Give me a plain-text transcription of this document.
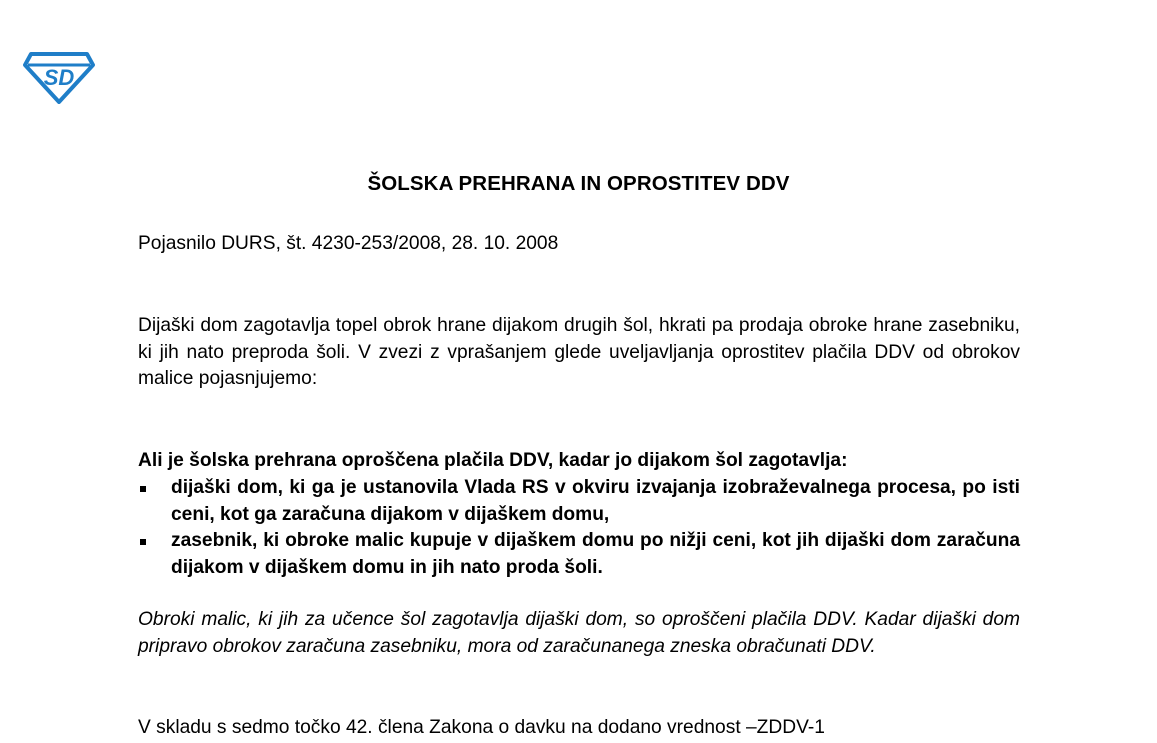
SD
ŠOLSKA PREHRANA IN OPROSTITEV DDV

Pojasnilo DURS, št. 4230-253/2008, 28. 10. 2008

Dijaški dom zagotavlja topel obrok hrane dijakom drugih šol, hkrati pa prodaja obroke hrane zasebniku, ki jih nato preproda šoli. V zvezi z vprašanjem glede uveljavljanja oprostitev plačila DDV od obrokov malice pojasnjujemo:

Ali je šolska prehrana oproščena plačila DDV, kadar jo dijakom šol zagotavlja:

dijaški dom, ki ga je ustanovila Vlada RS v okviru izvajanja izobraževalnega procesa, po isti ceni, kot ga zaračuna dijakom v dijaškem domu,
zasebnik, ki obroke malic kupuje v dijaškem domu po nižji ceni, kot jih dijaški dom zaračuna dijakom v dijaškem domu in jih nato proda šoli.

Obroki malic, ki jih za učence šol zagotavlja dijaški dom, so oproščeni plačila DDV. Kadar dijaški dom pripravo obrokov zaračuna zasebniku, mora od zaračunanega zneska obračunati DDV.

V skladu s sedmo točko 42. člena Zakona o davku na dodano vrednost –ZDDV-1
